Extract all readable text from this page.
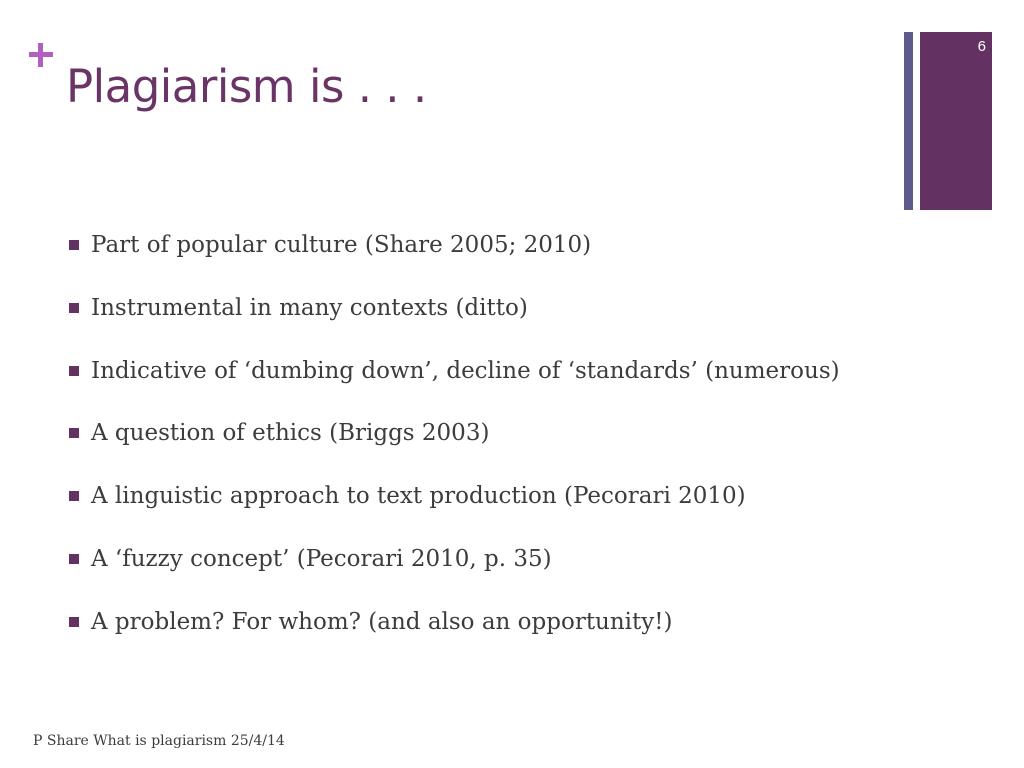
Plagiarism is . . .
6
Part of popular culture (Share 2005; 2010)
Instrumental in many contexts (ditto)
Indicative of ‘dumbing down’, decline of ‘standards’ (numerous)
A question of ethics (Briggs 2003)
A linguistic approach to text production (Pecorari 2010)
A ‘fuzzy concept’ (Pecorari 2010, p. 35)
A problem? For whom? (and also an opportunity!)
P Share What is plagiarism 25/4/14
